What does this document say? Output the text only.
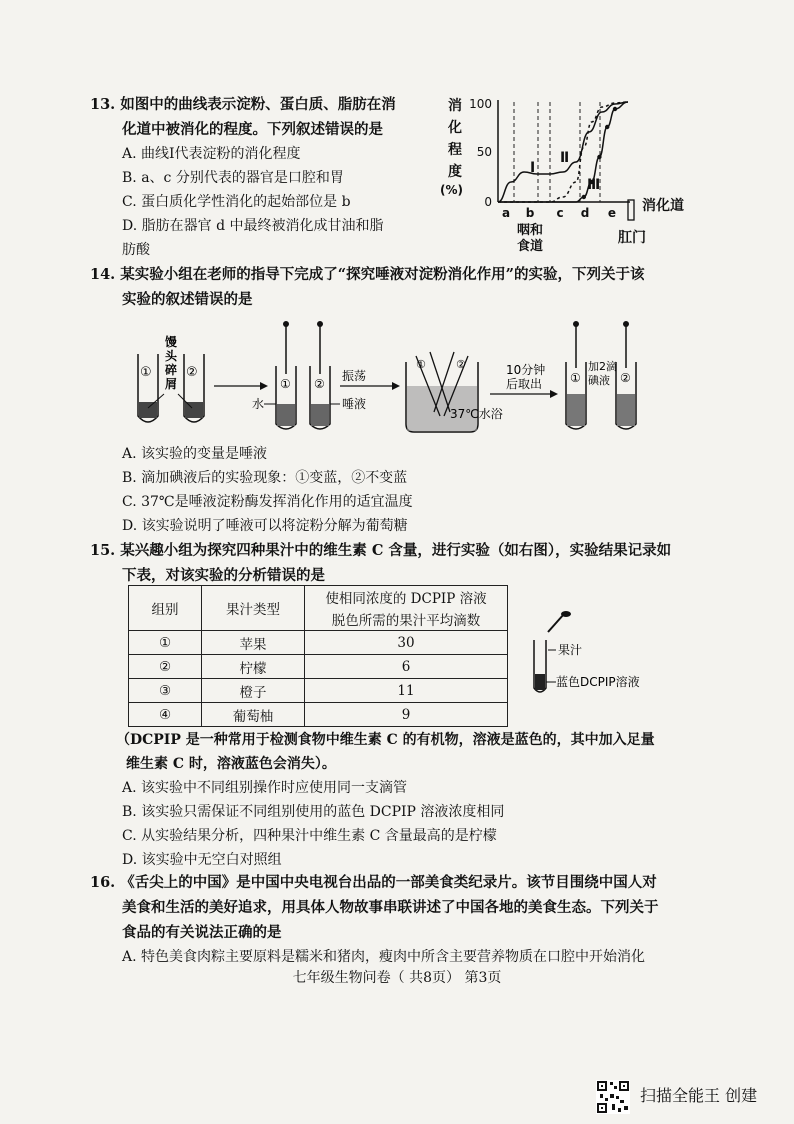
13. 如图中的曲线表示淀粉、蛋白质、脂肪在消
化道中被消化的程度。下列叙述错误的是
A. 曲线Ⅰ代表淀粉的消化程度
B. a、c 分别代表的器官是口腔和胃
C. 蛋白质化学性消化的起始部位是 b
D. 脂肪在器官 d 中最终被消化成甘油和脂
肪酸
消
化
程
度
(%)
0
50
100
Ⅰ
Ⅱ
Ⅲ
a b c d e
咽和
食道
消化道
肛门
14. 某实验小组在老师的指导下完成了“探究唾液对淀粉消化作用”的实验，下列关于该
实验的叙述错误的是
①	②
馒
头
碎
屑	① ②
水	唾液
振荡
①	②
37℃水浴
10分钟
后取出 ①	②
加2滴
碘液
A. 该实验的变量是唾液
B. 滴加碘液后的实验现象：①变蓝，②不变蓝
C. 37℃是唾液淀粉酶发挥消化作用的适宜温度
D. 该实验说明了唾液可以将淀粉分解为葡萄糖
15. 某兴趣小组为探究四种果汁中的维生素 C 含量，进行实验（如右图），实验结果记录如
下表，对该实验的分析错误的是
组别	果汁类型	使相同浓度的 DCPIP 溶液
		脱色所需的果汁平均滴数
①	苹果	30
②	柠檬	6
③	橙子	11
④	葡萄柚	9
果汁
蓝色DCPIP溶液
（DCPIP 是一种常用于检测食物中维生素 C 的有机物，溶液是蓝色的，其中加入足量
维生素 C 时，溶液蓝色会消失）。
A. 该实验中不同组别操作时应使用同一支滴管
B. 该实验只需保证不同组别使用的蓝色 DCPIP 溶液浓度相同
C. 从实验结果分析，四种果汁中维生素 C 含量最高的是柠檬
D. 该实验中无空白对照组
16. 《舌尖上的中国》是中国中央电视台出品的一部美食类纪录片。该节目围绕中国人对
美食和生活的美好追求，用具体人物故事串联讲述了中国各地的美食生态。下列关于
食品的有关说法正确的是
A. 特色美食肉粽主要原料是糯米和猪肉，瘦肉中所含主要营养物质在口腔中开始消化
七年级生物问卷（ 共8页） 第3页
扫描全能王 创建
